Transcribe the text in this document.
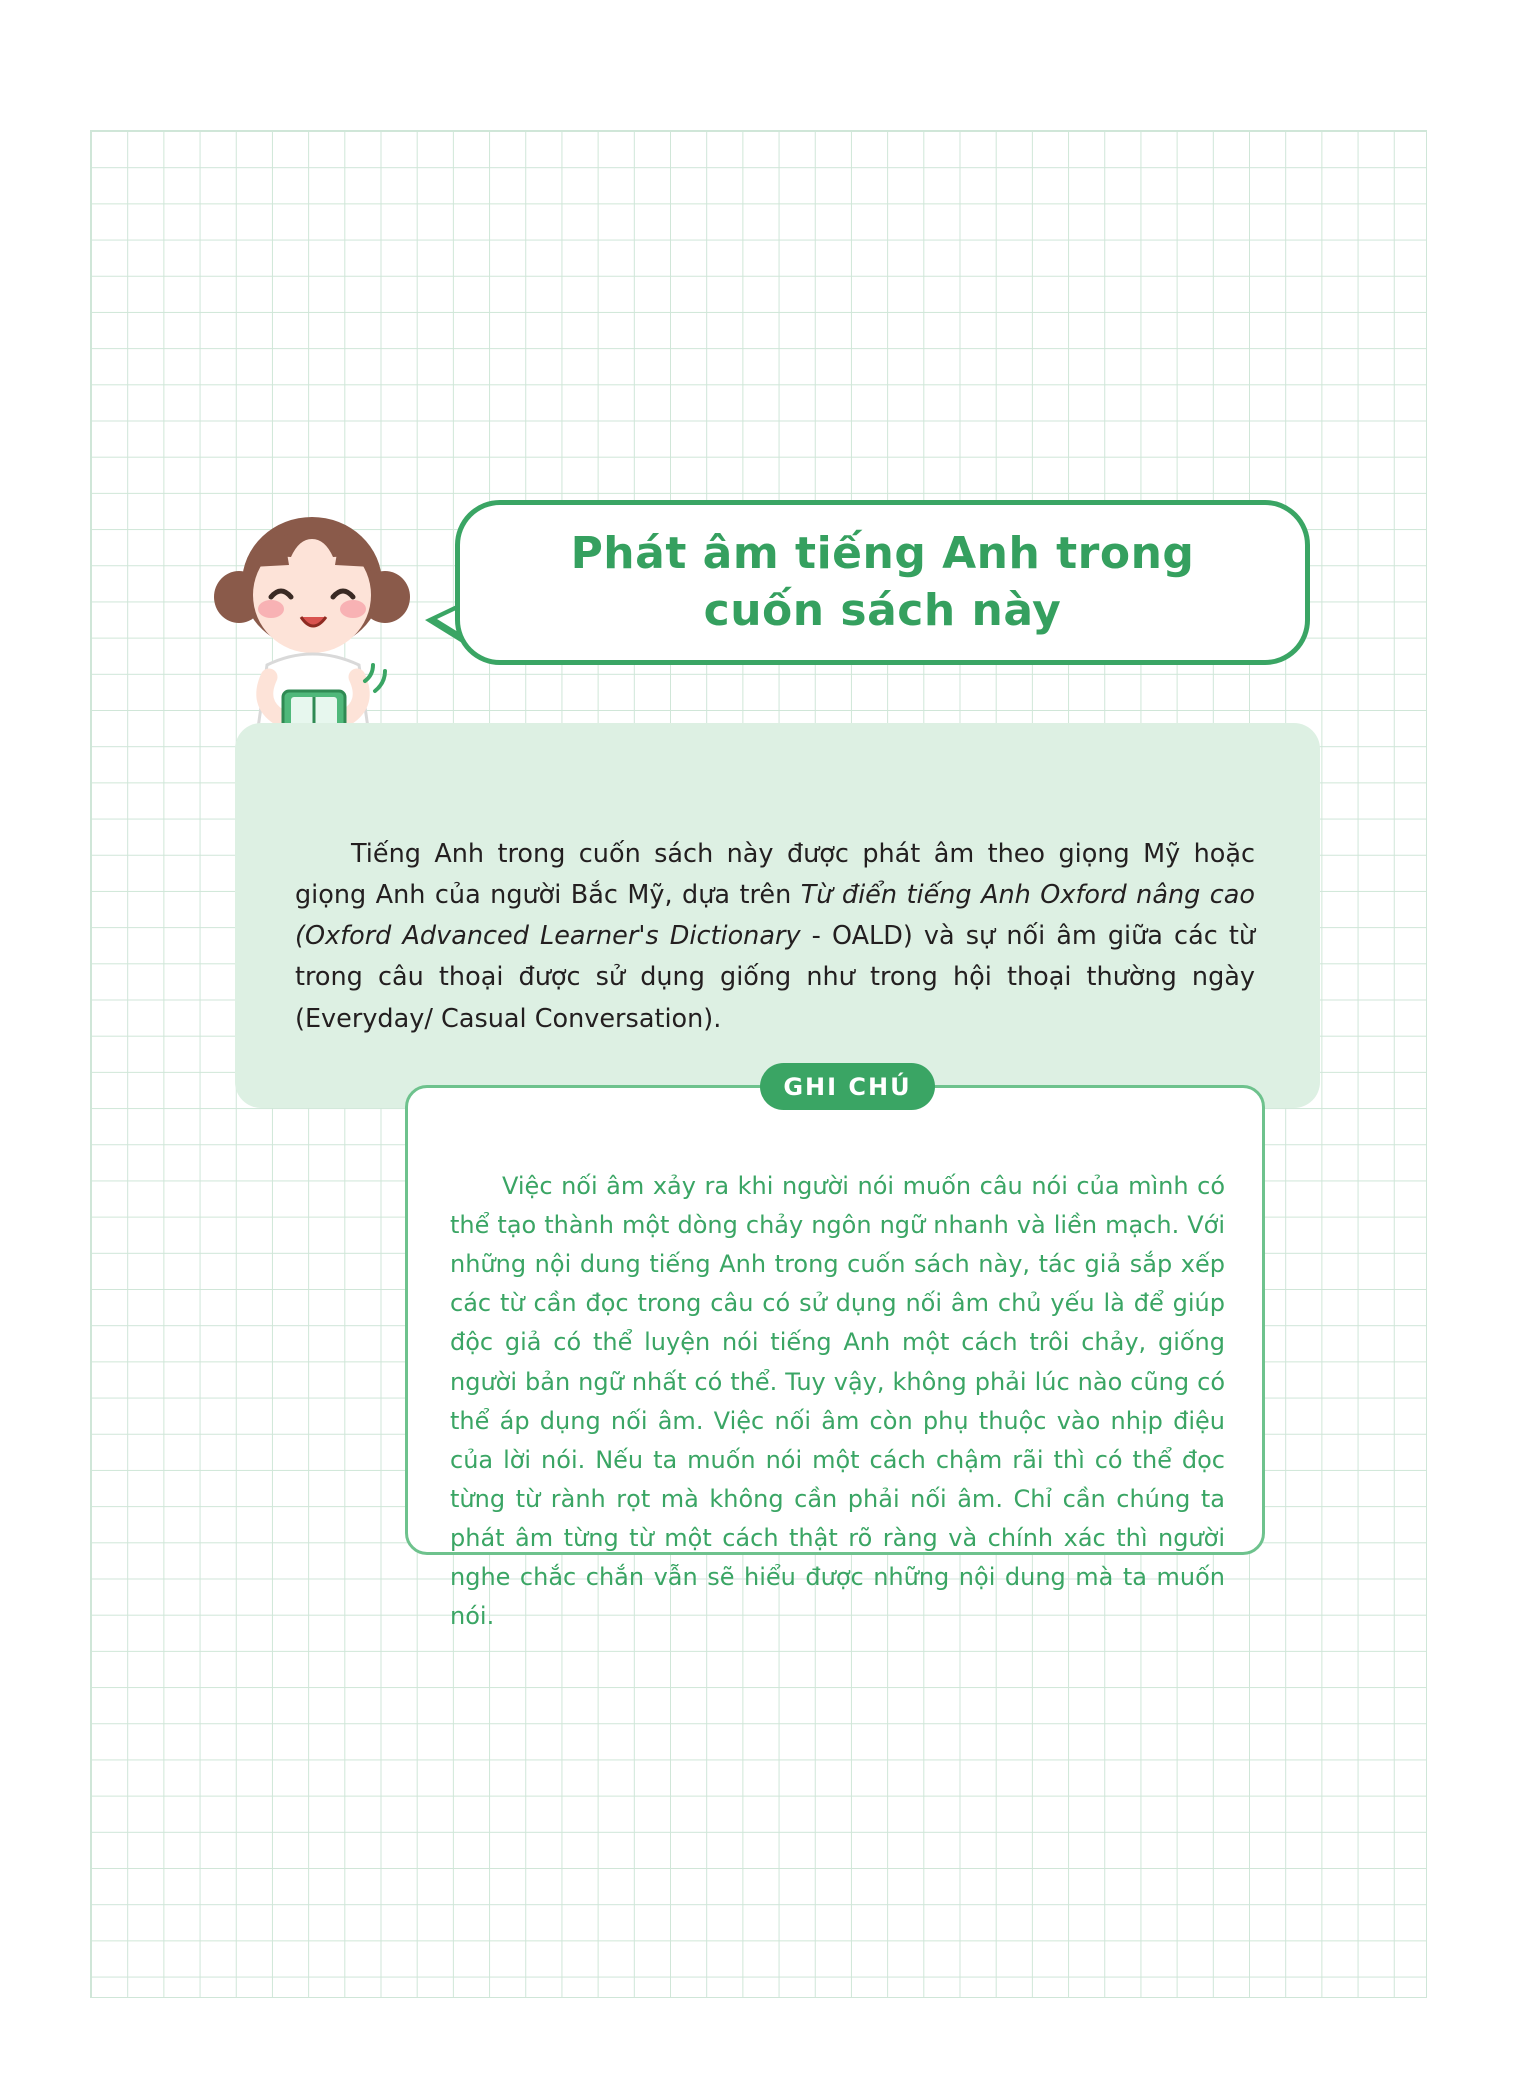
Phát âm tiếng Anh trong
cuốn sách này

Tiếng Anh trong cuốn sách này được phát âm theo giọng Mỹ hoặc giọng Anh của người Bắc Mỹ, dựa trên Từ điển tiếng Anh Oxford nâng cao (Oxford Advanced Learner's Dictionary - OALD) và sự nối âm giữa các từ trong câu thoại được sử dụng giống như trong hội thoại thường ngày (Everyday/ Casual Conversation).

Việc nối âm xảy ra khi người nói muốn câu nói của mình có thể tạo thành một dòng chảy ngôn ngữ nhanh và liền mạch. Với những nội dung tiếng Anh trong cuốn sách này, tác giả sắp xếp các từ cần đọc trong câu có sử dụng nối âm chủ yếu là để giúp độc giả có thể luyện nói tiếng Anh một cách trôi chảy, giống người bản ngữ nhất có thể. Tuy vậy, không phải lúc nào cũng có thể áp dụng nối âm. Việc nối âm còn phụ thuộc vào nhịp điệu của lời nói. Nếu ta muốn nói một cách chậm rãi thì có thể đọc từng từ rành rọt mà không cần phải nối âm. Chỉ cần chúng ta phát âm từng từ một cách thật rõ ràng và chính xác thì người nghe chắc chắn vẫn sẽ hiểu được những nội dung mà ta muốn nói.

GHI CHÚ
